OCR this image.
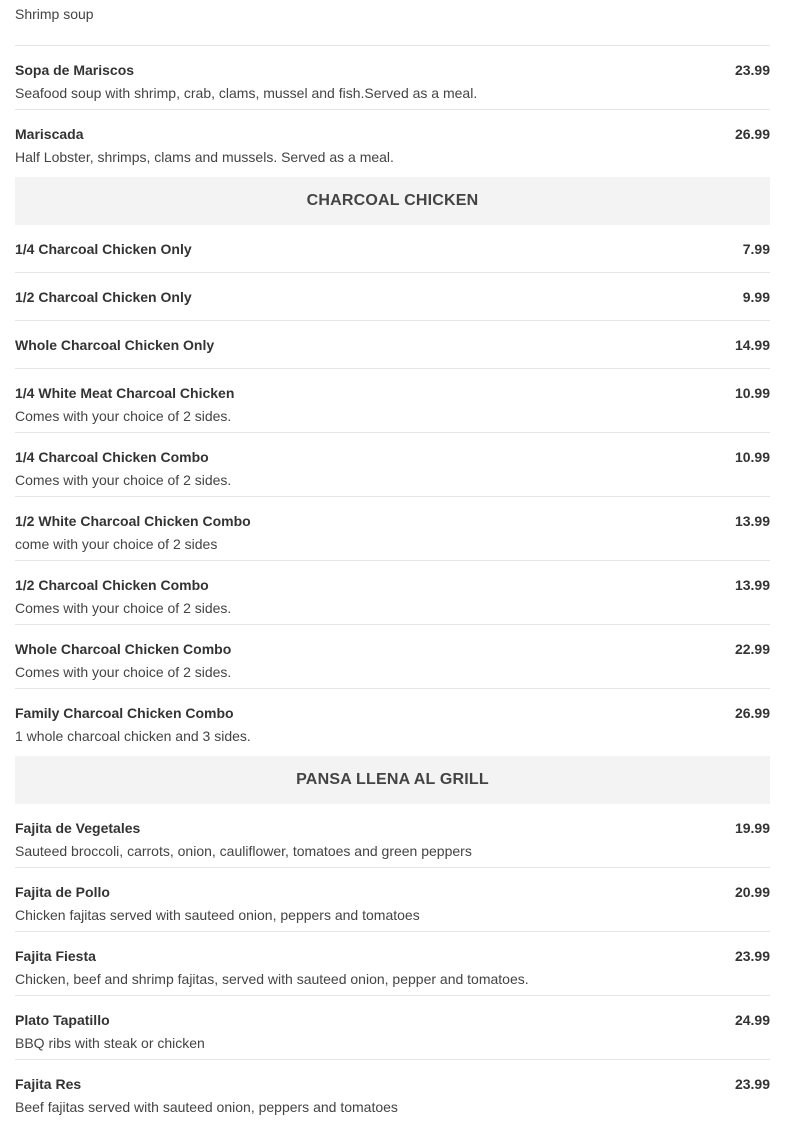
Shrimp soup
Sopa de Mariscos	23.99
Seafood soup with shrimp, crab, clams, mussel and fish.Served as a meal.
Mariscada	26.99
Half Lobster, shrimps, clams and mussels. Served as a meal.
CHARCOAL CHICKEN
1/4 Charcoal Chicken Only	7.99
1/2 Charcoal Chicken Only	9.99
Whole Charcoal Chicken Only	14.99
1/4 White Meat Charcoal Chicken	10.99
Comes with your choice of 2 sides.
1/4 Charcoal Chicken Combo	10.99
Comes with your choice of 2 sides.
1/2 White Charcoal Chicken Combo	13.99
come with your choice of 2 sides
1/2 Charcoal Chicken Combo	13.99
Comes with your choice of 2 sides.
Whole Charcoal Chicken Combo	22.99
Comes with your choice of 2 sides.
Family Charcoal Chicken Combo	26.99
1 whole charcoal chicken and 3 sides.
PANSA LLENA AL GRILL
Fajita de Vegetales	19.99
Sauteed broccoli, carrots, onion, cauliflower, tomatoes and green peppers
Fajita de Pollo	20.99
Chicken fajitas served with sauteed onion, peppers and tomatoes
Fajita Fiesta	23.99
Chicken, beef and shrimp fajitas, served with sauteed onion, pepper and tomatoes.
Plato Tapatillo	24.99
BBQ ribs with steak or chicken
Fajita Res	23.99
Beef fajitas served with sauteed onion, peppers and tomatoes
